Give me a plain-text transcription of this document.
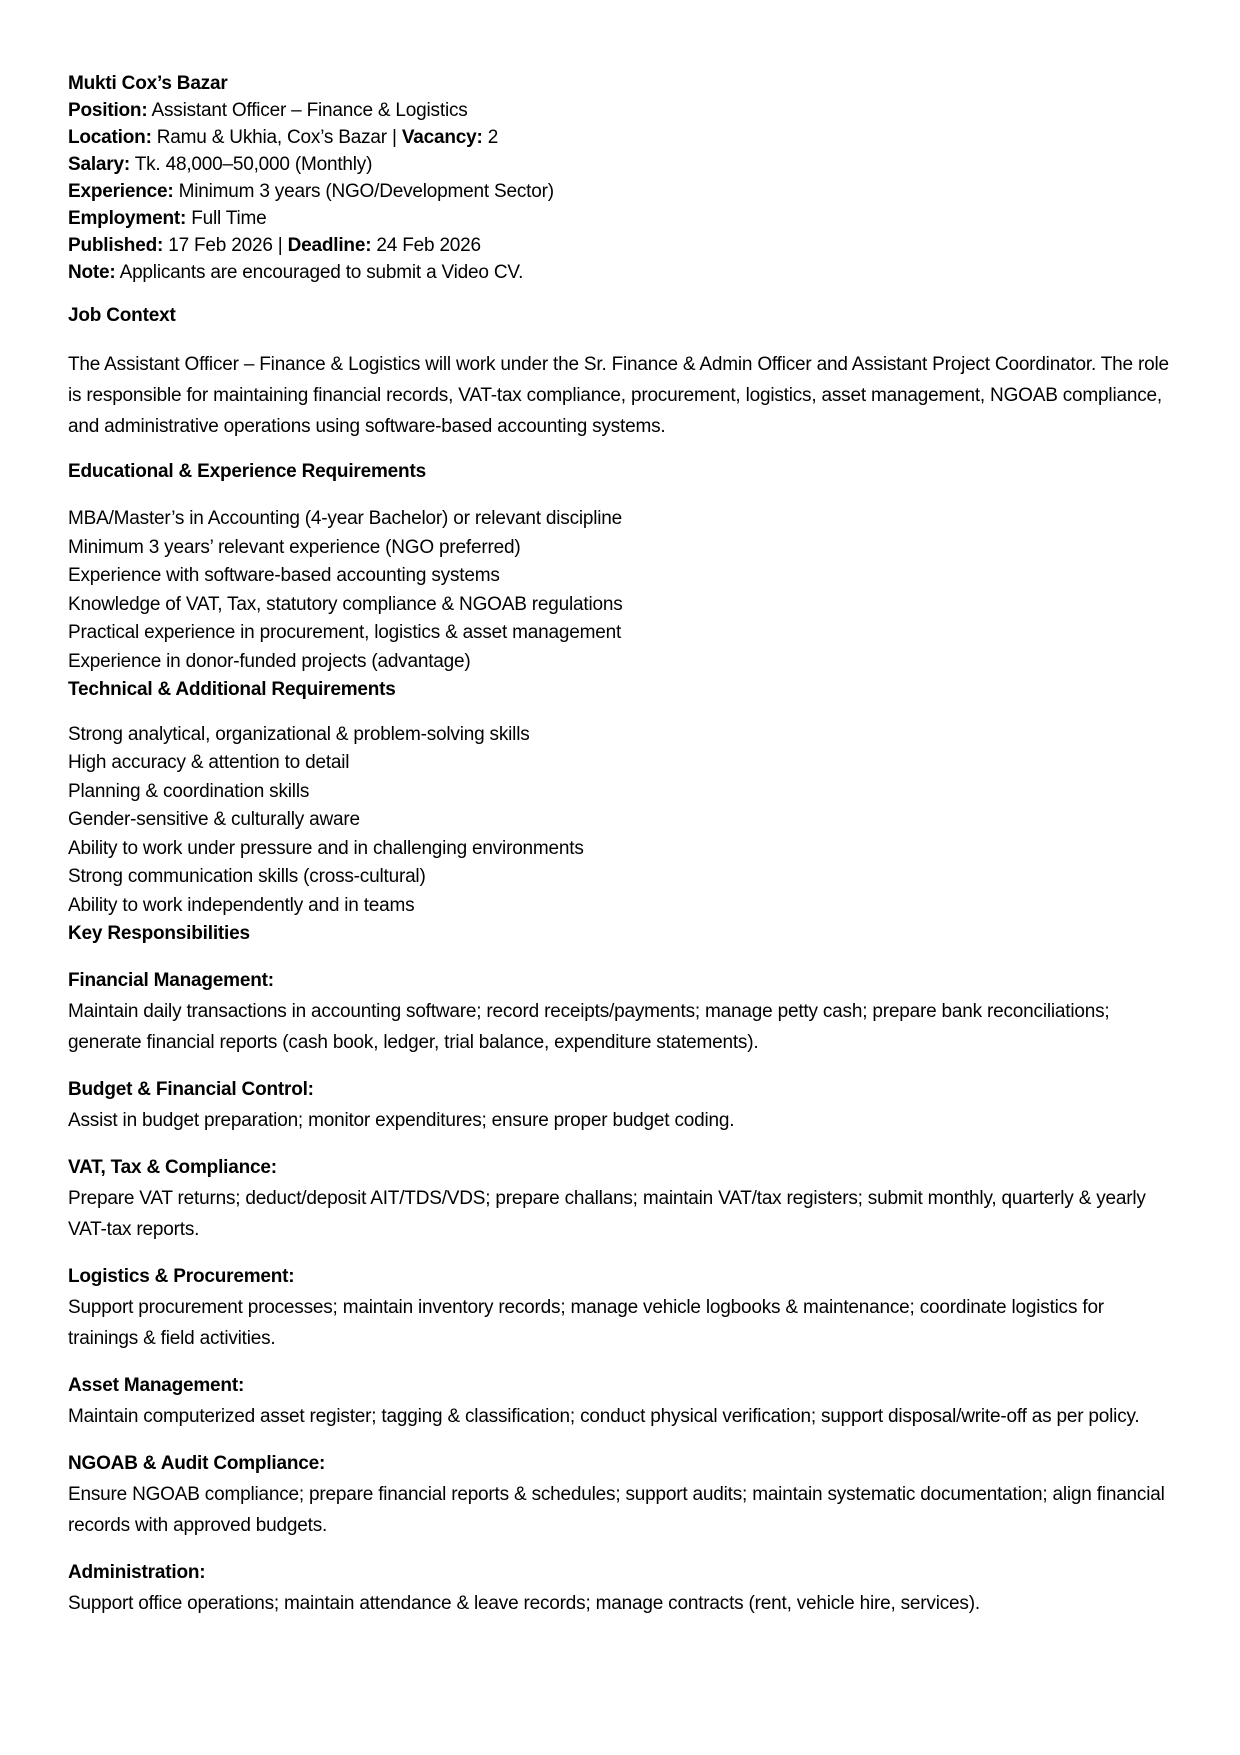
Mukti Cox’s Bazar
Position: Assistant Officer – Finance & Logistics
Location: Ramu & Ukhia, Cox’s Bazar | Vacancy: 2
Salary: Tk. 48,000–50,000 (Monthly)
Experience: Minimum 3 years (NGO/Development Sector)
Employment: Full Time
Published: 17 Feb 2026 | Deadline: 24 Feb 2026
Note: Applicants are encouraged to submit a Video CV.
Job Context
The Assistant Officer – Finance & Logistics will work under the Sr. Finance & Admin Officer and Assistant Project Coordinator. The role is responsible for maintaining financial records, VAT-tax compliance, procurement, logistics, asset management, NGOAB compliance, and administrative operations using software-based accounting systems.
Educational & Experience Requirements
MBA/Master’s in Accounting (4-year Bachelor) or relevant discipline
Minimum 3 years’ relevant experience (NGO preferred)
Experience with software-based accounting systems
Knowledge of VAT, Tax, statutory compliance & NGOAB regulations
Practical experience in procurement, logistics & asset management
Experience in donor-funded projects (advantage)
Technical & Additional Requirements
Strong analytical, organizational & problem-solving skills
High accuracy & attention to detail
Planning & coordination skills
Gender-sensitive & culturally aware
Ability to work under pressure and in challenging environments
Strong communication skills (cross-cultural)
Ability to work independently and in teams
Key Responsibilities
Financial Management:
Maintain daily transactions in accounting software; record receipts/payments; manage petty cash; prepare bank reconciliations; generate financial reports (cash book, ledger, trial balance, expenditure statements).
Budget & Financial Control:
Assist in budget preparation; monitor expenditures; ensure proper budget coding.
VAT, Tax & Compliance:
Prepare VAT returns; deduct/deposit AIT/TDS/VDS; prepare challans; maintain VAT/tax registers; submit monthly, quarterly & yearly VAT-tax reports.
Logistics & Procurement:
Support procurement processes; maintain inventory records; manage vehicle logbooks & maintenance; coordinate logistics for trainings & field activities.
Asset Management:
Maintain computerized asset register; tagging & classification; conduct physical verification; support disposal/write-off as per policy.
NGOAB & Audit Compliance:
Ensure NGOAB compliance; prepare financial reports & schedules; support audits; maintain systematic documentation; align financial records with approved budgets.
Administration:
Support office operations; maintain attendance & leave records; manage contracts (rent, vehicle hire, services).
